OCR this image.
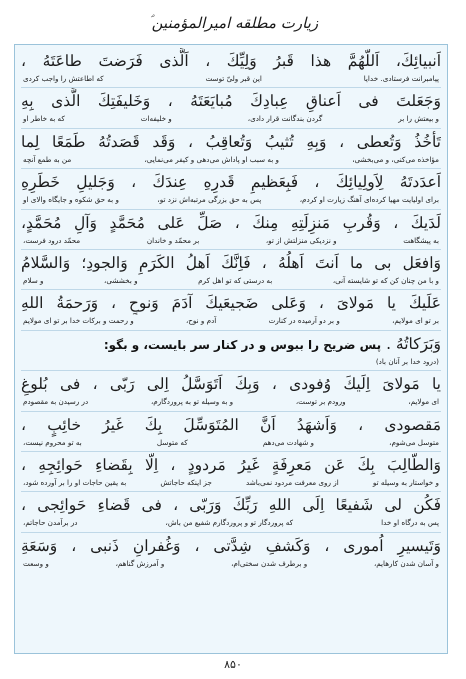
زیارت مطلقه امیرالمؤمنین ؑ
اَنبيائِكَ، اَللّهُمَّ هذا قَبرُ وَلِيِّكَ ، اَلَّذى فَرَضتَ طاعَتَهُ ،
پیامبرانت فرستادی. خدایا
این قبر ولیّ توست
که اطاعتش را واجب کردی
وَجَعَلتَ فى اَعناقِ عِبادِكَ مُبايَعَتَهُ ، وَخَليفَتِكَ الَّذى بِهِ
و بیعتش را بر
گردن بندگانت قرار دادی،
و خلیفه‌ات
که به خاطر او
تَأخُذُ وَتُعطى ، وَبِهِ تُثيبُ وَتُعاقِبُ ، وَقَد قَصَدتُهُ طَمَعًا لِما
مؤاخذه می‌کنی، و می‌بخشی،
و به سبب او پاداش می‌دهی و کیفر می‌نمایی،
من به طمع آنچه
اَعدَدتَهُ لِاَولِيائِكَ ، فَبِعَظيمِ قَدرِهِ عِندَكَ ، وَجَليلِ خَطَرِهِ
برای اولیایت مهیا کرده‌ای آهنگ زیارت او کردم،
پس به حق بزرگی مرتبه‌اش نزد تو،
و به حق شکوه و جایگاه والای او
لَدَيكَ ، وَقُربِ مَنزِلَتِهِ مِنكَ ، صَلِّ عَلى مُحَمَّدٍ وَآلِ مُحَمَّدٍ،
به پیشگاهت
و نزدیکی منزلتش از تو،
بر محمّد و خاندان
محمّد درود فرست،
وَافعَل بى ما اَنتَ اَهلُهُ ، فَاِنَّكَ اَهلُ الكَرَمِ وَالجودِ؛ وَالسَّلامُ
و با من چنان کن که تو شایسته آنی،
به درستی که تو اهل کرم
و بخششی،
و سلام
عَلَيكَ يا مَولاىَ ، وَعَلى ضَجيعَيكَ آدَمَ وَنوحٍ ، وَرَحمَةُ اللهِ
بر تو ای مولایم،
و بر دو آرمیده در کنارت
آدم و نوح،
و رحمت و برکات خدا بر تو ای مولایم
وَبَرَكاتُهُ . پس ضریح را ببوس و در کنار سر بایست، و بگو:
(درود خدا بر آنان باد)
يا مَولاىَ اِلَيكَ وُفودى ، وَبِكَ اَتَوَسَّلُ اِلى رَبّى ، فى بُلوغِ
ای مولایم،
ورودم بر توست،
و به وسیله تو به پروردگارم،
در رسیدن به مقصودم
مَقصودى ، وَاَشهَدُ اَنَّ المُتَوَسِّلَ بِكَ غَيرُ خائِبٍ ،
متوسل می‌شوم،
و شهادت می‌دهم
که متوسل
به تو محروم نیست،
وَالطّالِبَ بِكَ عَن مَعرِفَةٍ غَيرُ مَردودٍ ، اِلّا بِقَضاءِ حَوائِجِهِ ،
و خواستار به وسیله تو
از روی معرفت مردود نمی‌باشد
جز اینکه حاجاتش
به یقین حاجات او را بر آورده شود،
فَكُن لى شَفيعًا اِلَى اللهِ رَبِّكَ وَرَبّى ، فى قَضاءِ حَوائِجى ،
پس به درگاه او خدا
که پروردگار تو و پروردگارم شفیع من باش،
در برآمدن حاجاتم،
وَتَيسيرِ اُمورى ، وَكَشفِ شِدَّتى ، وَغُفرانِ ذَنبى ، وَسَعَةِ
و آسان شدن کارهایم،
و برطرف شدن سختی‌ام،
و آمرزش گناهم،
و وسعت
۸۵۰
